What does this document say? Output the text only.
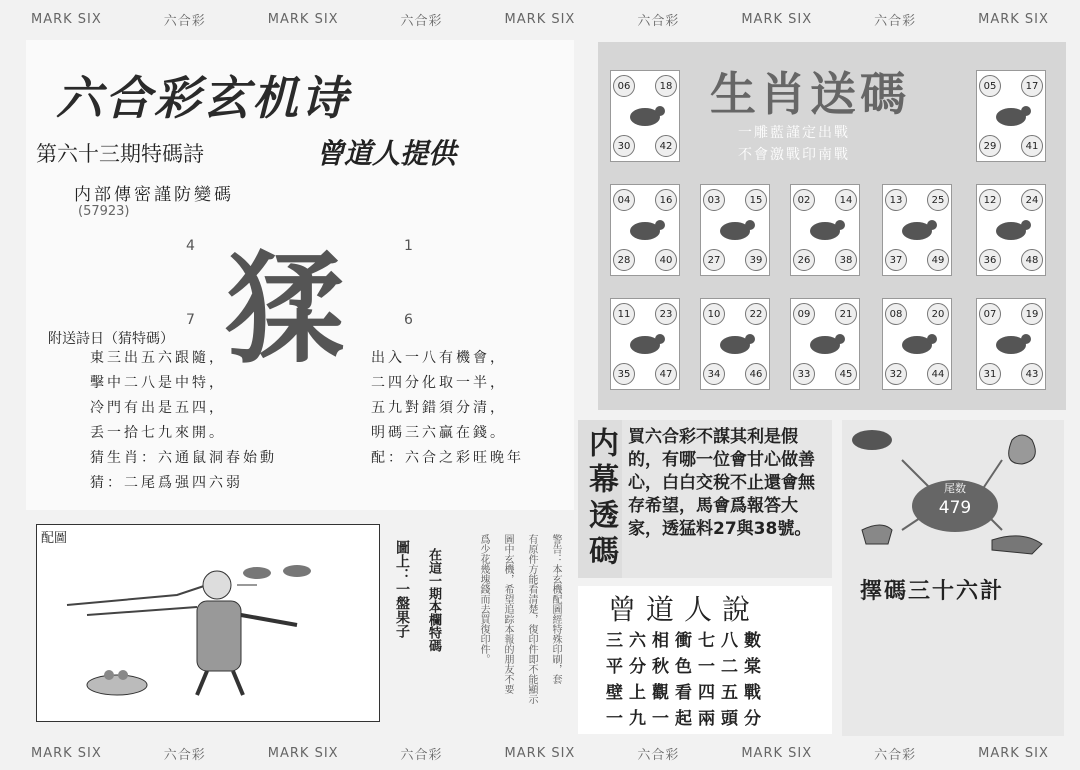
MARK SIX	六合彩	MARK SIX	六合彩	MARK SIX	六合彩	MARK SIX	六合彩	MARK SIX
六合彩玄机诗
第六十三期特碼詩	曾道人提供
内部傳密謹防變碼
(57923)
4	1
7	6
猱
附送詩日（猜特碼）
東三出五六跟隨，
擊中二八是中特，
冷門有出是五四，
丢一拾七九來開。
猜生肖：六通鼠洞春始動
猜：二尾爲强四六弱
出入一八有機會，
二四分化取一半，
五九對錯須分清，
明碼三六贏在錢。
配：六合之彩旺晚年
配圖
圖上：一盤果子 在這一期本欄特碼	警告：本玄機配圖經特殊印刷，套
有原件方能看清楚，復印件即不能顯示
圖中玄機，希望追踪本報的朋友不要
爲少花幾塊錢而去買復印件。
生肖送碼
一雕藍謹定出戰
不會激戰印南戰
06	18
30	42
05	17
29	41
04	16
28	40
03	15
27	39
02	14
26	38
13	25
37	49
12	24
36	48
11	23
35	47
10	22
34	46
09	21
33	45
08	20
32	44
07	19
31	43
内幕透碼 買六合彩不謀其利是假的，有哪一位會甘心做善心，白白交稅不止還會無存希望，馬會爲報答大家，透猛料27與38號。
曾道人說
三六相衝七八數
平分秋色一二棠
壁上觀看四五戰
一九一起兩頭分
尾数
479
擇碼三十六計
MARK SIX	六合彩	MARK SIX	六合彩	MARK SIX	六合彩	MARK SIX	六合彩	MARK SIX
